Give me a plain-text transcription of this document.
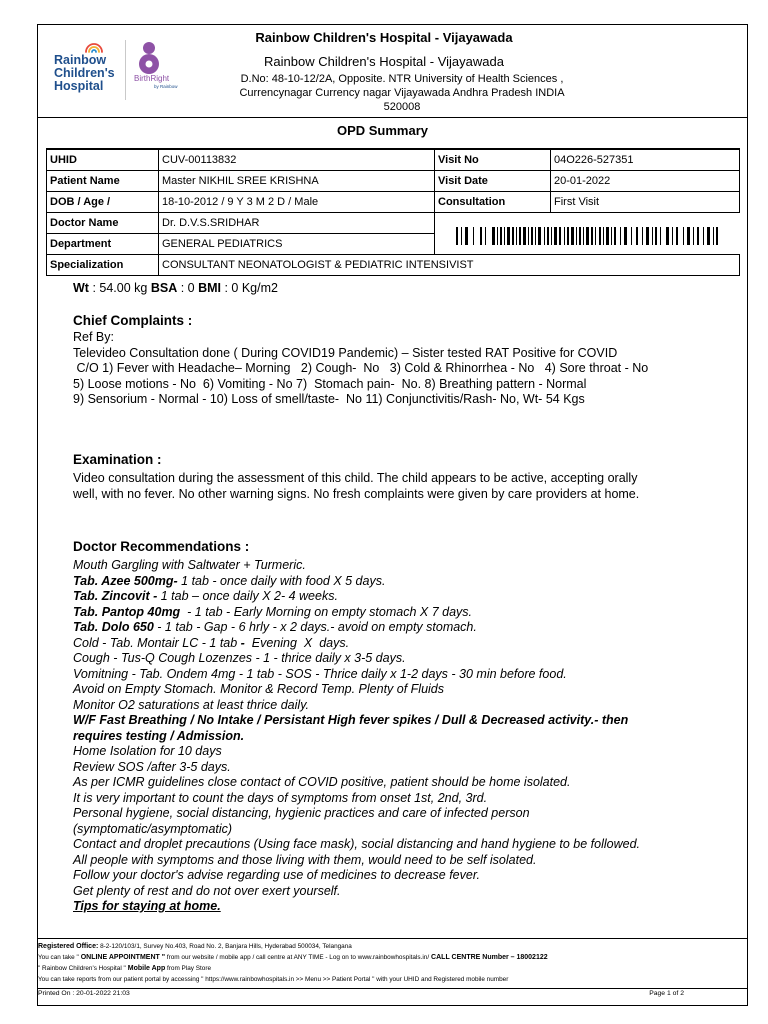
Rainbow
Children's
Hospital
BirthRight
by Rainbow
Rainbow Children's Hospital - Vijayawada
Rainbow Children's Hospital - Vijayawada
D.No: 48-10-12/2A, Opposite. NTR University of Health Sciences ,
Currencynagar Currency nagar Vijayawada Andhra Pradesh INDIA
520008
OPD Summary
UHID	CUV-00113832	Visit No	04O226-527351
Patient Name	Master NIKHIL SREE KRISHNA	Visit Date	20-01-2022
DOB / Age /	18-10-2012 / 9 Y 3 M 2 D / Male	Consultation	First Visit
Doctor Name	Dr. D.V.S.SRIDHAR	

Department	GENERAL PEDIATRICS		
Specialization	CONSULTANT NEONATOLOGIST & PEDIATRIC INTENSIVIST		
Wt : 54.00 kg BSA : 0 BMI : 0 Kg/m2
Chief Complaints :
Ref By:
Televideo Consultation done ( During COVID19 Pandemic) – Sister tested RAT Positive for COVID
C/O 1) Fever with Headache– Morning   2) Cough-  No   3) Cold & Rhinorrhea - No   4) Sore throat - No
5) Loose motions - No  6) Vomiting - No 7)  Stomach pain-  No. 8) Breathing pattern - Normal
9) Sensorium - Normal - 10) Loss of smell/taste-  No 11) Conjunctivitis/Rash- No, Wt- 54 Kgs
Examination :
Video consultation during the assessment of this child. The child appears to be active, accepting orally
well, with no fever. No other warning signs. No fresh complaints were given by care providers at home.
Doctor Recommendations :
Mouth Gargling with Saltwater + Turmeric.
Tab. Azee 500mg- 1 tab - once daily with food X 5 days.
Tab. Zincovit - 1 tab – once daily X 2- 4 weeks.
Tab. Pantop 40mg  - 1 tab - Early Morning on empty stomach X 7 days.
Tab. Dolo 650 - 1 tab - Gap - 6 hrly - x 2 days.- avoid on empty stomach.
Cold - Tab. Montair LC - 1 tab -  Evening  X  days.
Cough - Tus-Q Cough Lozenzes - 1 - thrice daily x 3-5 days.
Vomitning - Tab. Ondem 4mg - 1 tab - SOS - Thrice daily x 1-2 days - 30 min before food.
Avoid on Empty Stomach. Monitor & Record Temp. Plenty of Fluids
Monitor O2 saturations at least thrice daily.
W/F Fast Breathing / No Intake / Persistant High fever spikes / Dull & Decreased activity.- then
requires testing / Admission.
Home Isolation for 10 days
Review SOS /after 3-5 days.
As per ICMR guidelines close contact of COVID positive, patient should be home isolated.
It is very important to count the days of symptoms from onset 1st, 2nd, 3rd.
Personal hygiene, social distancing, hygienic practices and care of infected person
(symptomatic/asymptomatic)
Contact and droplet precautions (Using face mask), social distancing and hand hygiene to be followed.
All people with symptoms and those living with them, would need to be self isolated.
Follow your doctor's advise regarding use of medicines to decrease fever.
Get plenty of rest and do not over exert yourself.
Tips for staying at home.
Registered Office: 8-2-120/103/1, Survey No.403, Road No. 2, Banjara Hills, Hyderabad 500034, Telangana
You can take " ONLINE APPOINTMENT " from our website / mobile app / call centre at ANY TIME - Log on to www.rainbowhospitals.in/ CALL CENTRE Number – 18002122
" Rainbow Children's Hospital " Mobile App from Play Store
You can take reports from our patient portal by accessing " https://www.rainbowhospitals.in >> Menu >> Patient Portal " with your UHID and Registered mobile number
Printed On : 20-01-2022 21:03	Page 1 of 2
